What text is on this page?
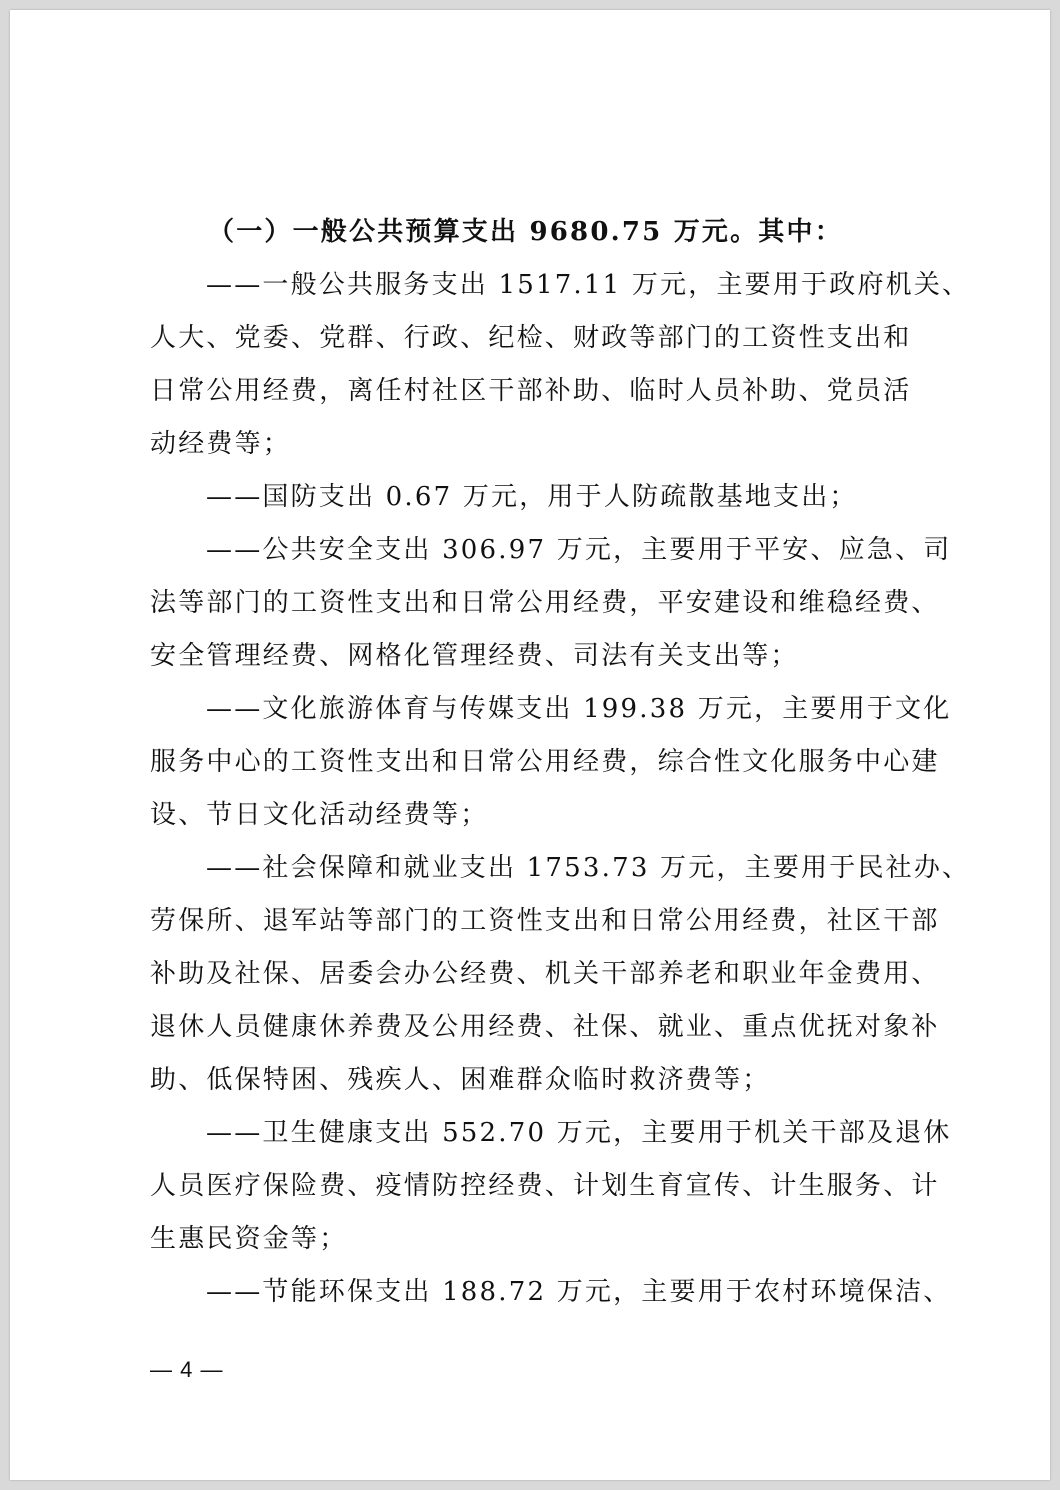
（一）一般公共预算支出 9680.75 万元。其中：
——一般公共服务支出 1517.11 万元，主要用于政府机关、
人大、党委、党群、行政、纪检、财政等部门的工资性支出和
日常公用经费，离任村社区干部补助、临时人员补助、党员活
动经费等；
——国防支出 0.67 万元，用于人防疏散基地支出；
——公共安全支出 306.97 万元，主要用于平安、应急、司
法等部门的工资性支出和日常公用经费，平安建设和维稳经费、
安全管理经费、网格化管理经费、司法有关支出等；
——文化旅游体育与传媒支出 199.38 万元，主要用于文化
服务中心的工资性支出和日常公用经费，综合性文化服务中心建
设、节日文化活动经费等；
——社会保障和就业支出 1753.73 万元，主要用于民社办、
劳保所、退军站等部门的工资性支出和日常公用经费，社区干部
补助及社保、居委会办公经费、机关干部养老和职业年金费用、
退休人员健康休养费及公用经费、社保、就业、重点优抚对象补
助、低保特困、残疾人、困难群众临时救济费等；
——卫生健康支出 552.70 万元，主要用于机关干部及退休
人员医疗保险费、疫情防控经费、计划生育宣传、计生服务、计
生惠民资金等；
——节能环保支出 188.72 万元，主要用于农村环境保洁、
— 4 —
